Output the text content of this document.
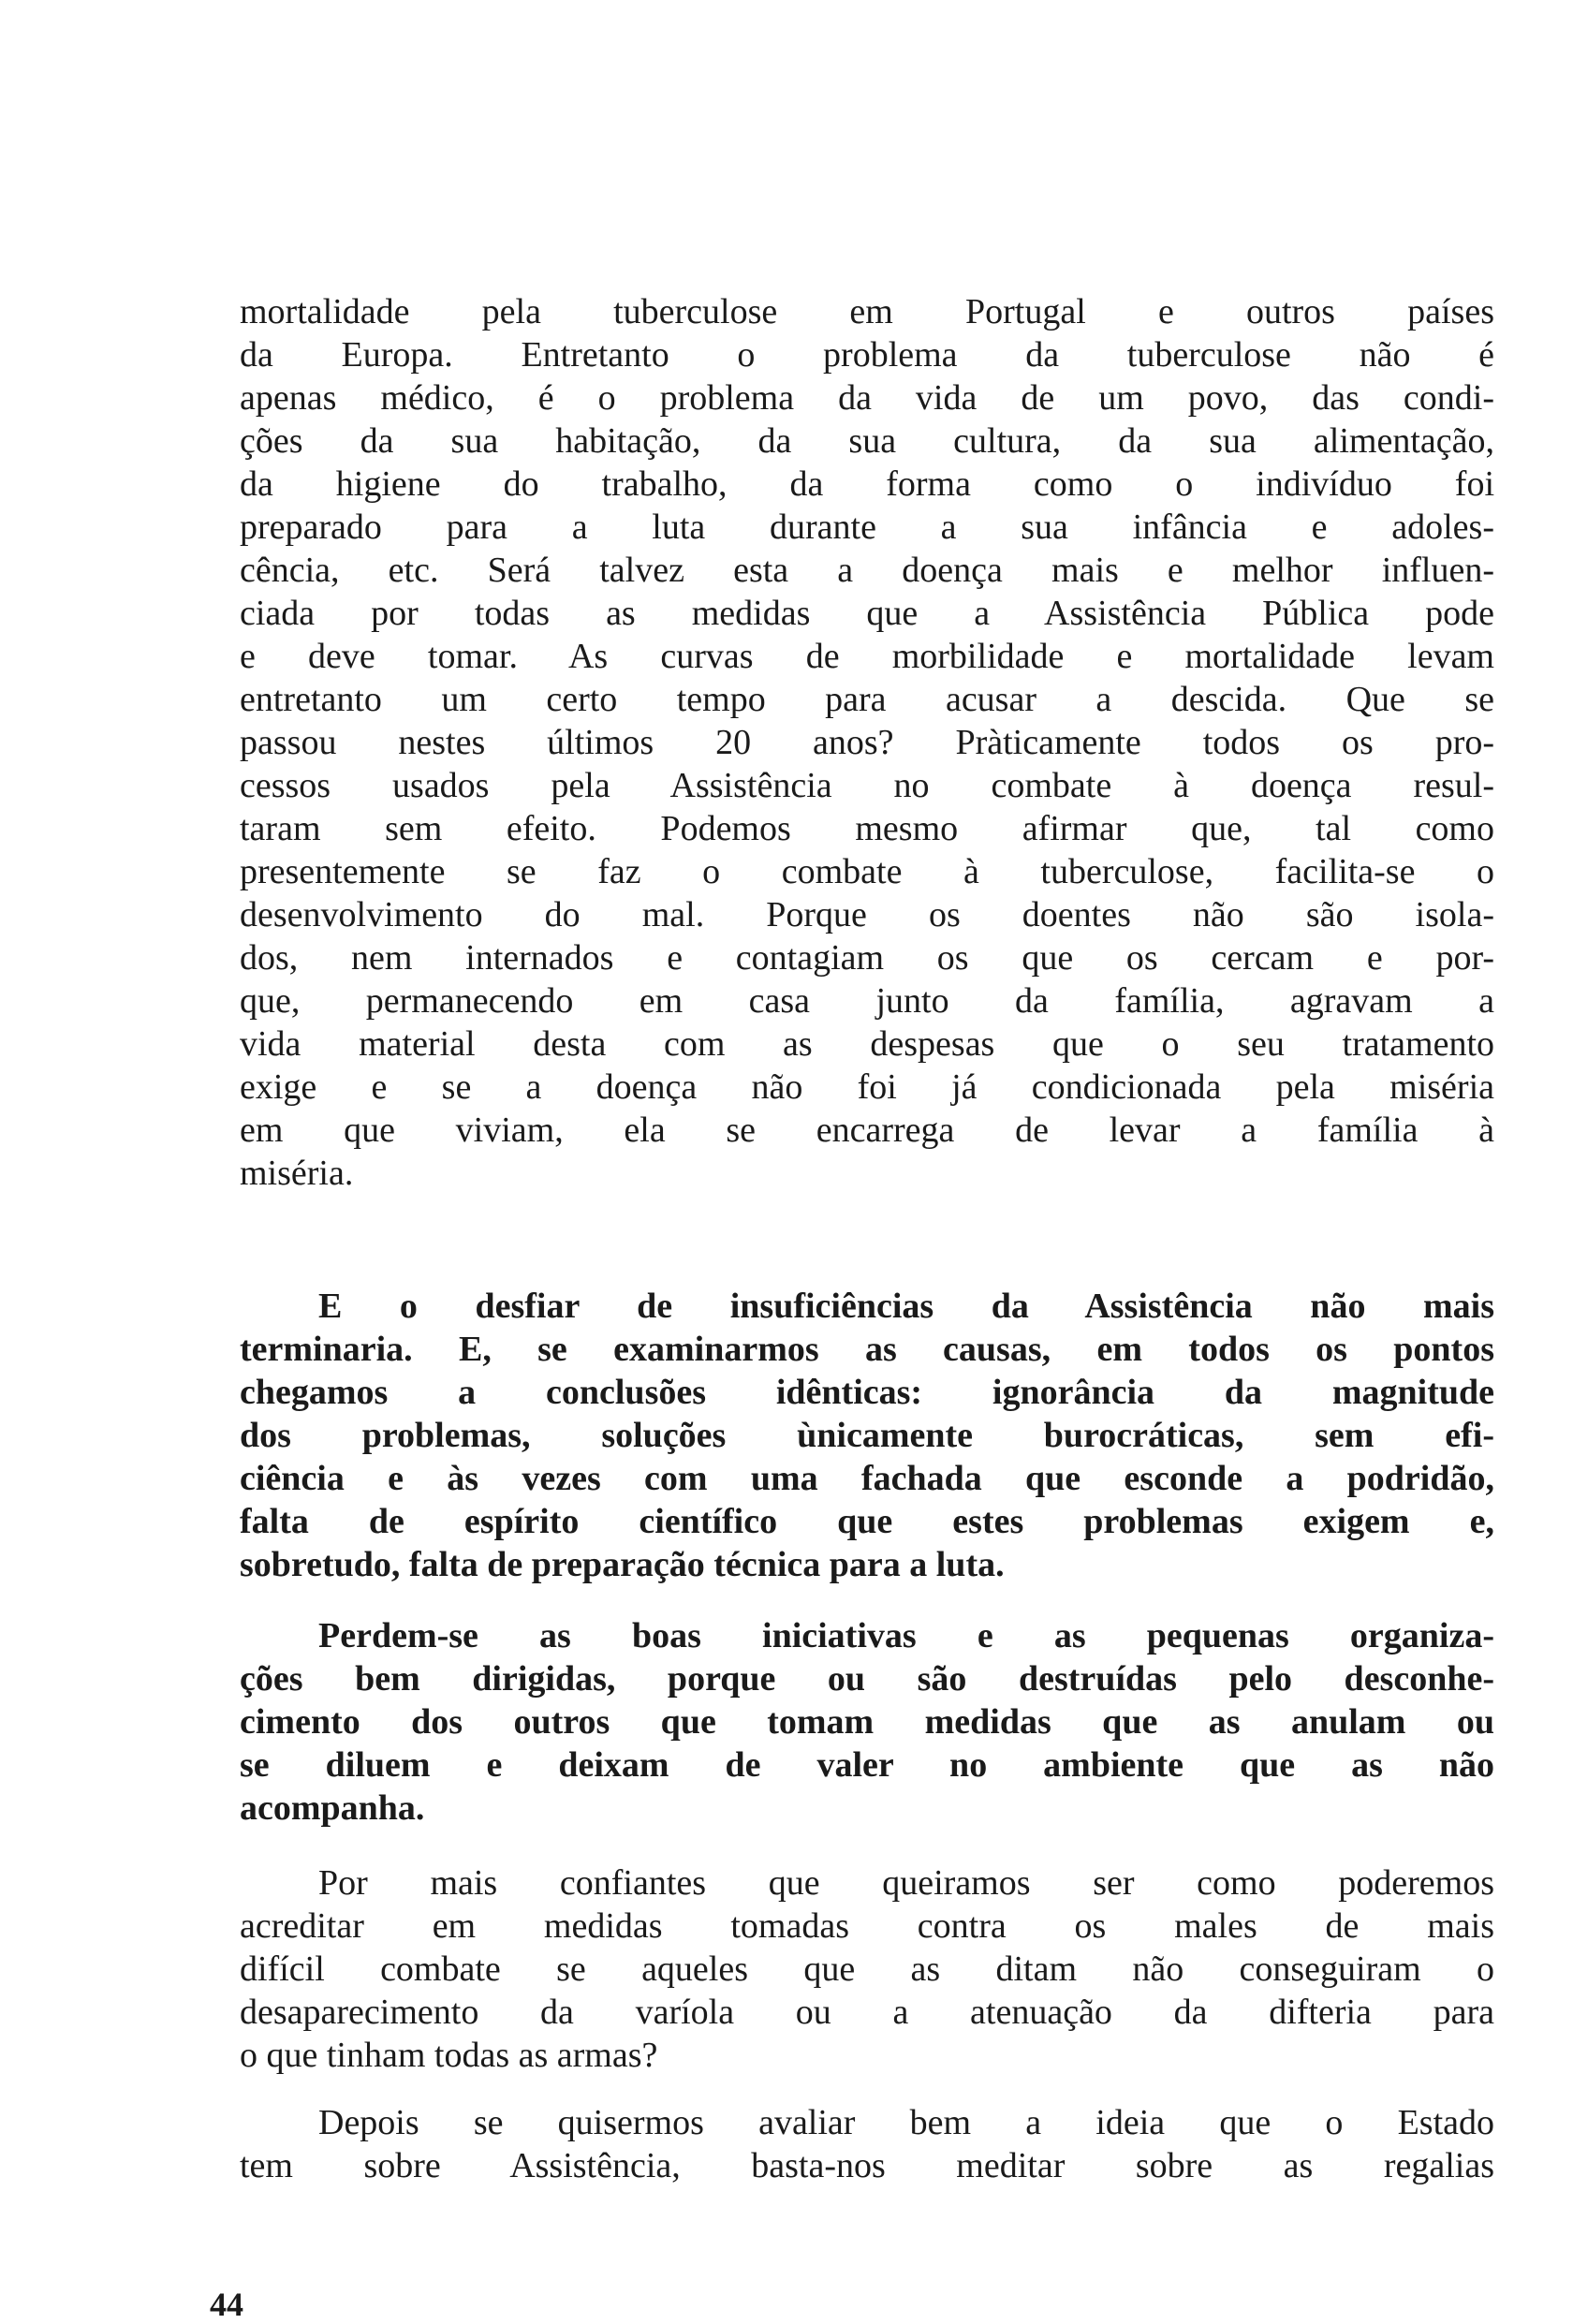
mortalidade pela tuberculose em Portugal e outros países
da Europa. Entretanto o problema da tuberculose não é
apenas médico, é o problema da vida de um povo, das condi-
ções da sua habitação, da sua cultura, da sua alimentação,
da higiene do trabalho, da forma como o indivíduo foi
preparado para a luta durante a sua infância e adoles-
cência, etc. Será talvez esta a doença mais e melhor influen-
ciada por todas as medidas que a Assistência Pública pode
e deve tomar. As curvas de morbilidade e mortalidade levam
entretanto um certo tempo para acusar a descida. Que se
passou nestes últimos 20 anos? Pràticamente todos os pro-
cessos usados pela Assistência no combate à doença resul-
taram sem efeito. Podemos mesmo afirmar que, tal como
presentemente se faz o combate à tuberculose, facilita-se o
desenvolvimento do mal. Porque os doentes não são isola-
dos, nem internados e contagiam os que os cercam e por-
que, permanecendo em casa junto da família, agravam a
vida material desta com as despesas que o seu tratamento
exige e se a doença não foi já condicionada pela miséria
em que viviam, ela se encarrega de levar a família à
miséria.
E o desfiar de insuficiências da Assistência não mais
terminaria. E, se examinarmos as causas, em todos os pontos
chegamos a conclusões idênticas: ignorância da magnitude
dos problemas, soluções ùnicamente burocráticas, sem efi-
ciência e às vezes com uma fachada que esconde a podridão,
falta de espírito científico que estes problemas exigem e,
sobretudo, falta de preparação técnica para a luta.
Perdem-se as boas iniciativas e as pequenas organiza-
ções bem dirigidas, porque ou são destruídas pelo desconhe-
cimento dos outros que tomam medidas que as anulam ou
se diluem e deixam de valer no ambiente que as não
acompanha.
Por mais confiantes que queiramos ser como poderemos
acreditar em medidas tomadas contra os males de mais
difícil combate se aqueles que as ditam não conseguiram o
desaparecimento da varíola ou a atenuação da difteria para
o que tinham todas as armas?
Depois se quisermos avaliar bem a ideia que o Estado
tem sobre Assistência, basta-nos meditar sobre as regalias
44
